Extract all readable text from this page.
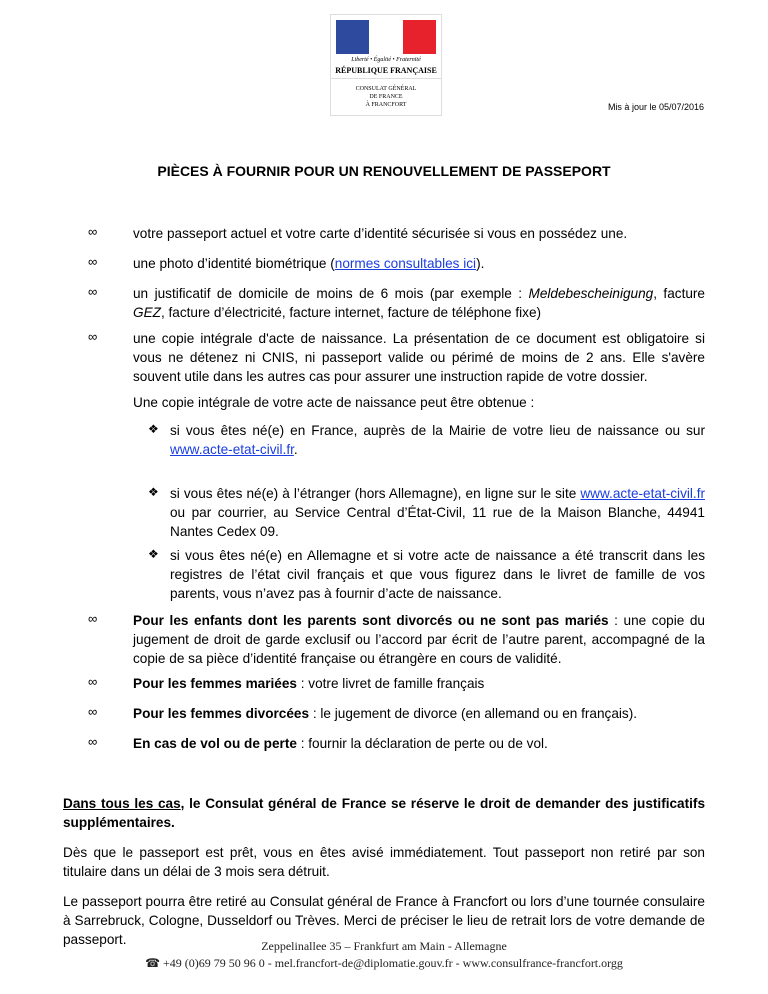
Liberté • Égalité • Fraternité
RÉPUBLIQUE FRANÇAISE
CONSULAT GÉNÉRAL
DE FRANCE
À FRANCFORT	Mis à jour le 05/07/2016
PIÈCES À FOURNIR POUR UN RENOUVELLEMENT DE PASSEPORT
∞	votre passeport actuel et votre carte d’identité sécurisée si vous en possédez une.
∞	une photo d’identité biométrique (normes consultables ici).
∞	un justificatif de domicile de moins de 6 mois (par exemple : Meldebescheinigung, facture GEZ, facture d’électricité, facture internet, facture de téléphone fixe)
∞	une copie intégrale d'acte de naissance. La présentation de ce document est obligatoire si vous ne détenez ni CNIS, ni passeport valide ou périmé de moins de 2 ans. Elle s'avère souvent utile dans les autres cas pour assurer une instruction rapide de votre dossier.
Une copie intégrale de votre acte de naissance peut être obtenue :
❖ si vous êtes né(e) en France, auprès de la Mairie de votre lieu de naissance ou sur www.acte-etat-civil.fr.
❖ si vous êtes né(e) à l’étranger (hors Allemagne), en ligne sur le site www.acte-etat-civil.fr ou par courrier, au Service Central d’État-Civil, 11 rue de la Maison Blanche, 44941 Nantes Cedex 09.
❖ si vous êtes né(e) en Allemagne et si votre acte de naissance a été transcrit dans les registres de l’état civil français et que vous figurez dans le livret de famille de vos parents, vous n’avez pas à fournir d’acte de naissance.
∞	Pour les enfants dont les parents sont divorcés ou ne sont pas mariés : une copie du jugement de droit de garde exclusif ou l’accord par écrit de l’autre parent, accompagné de la copie de sa pièce d’identité française ou étrangère en cours de validité.
∞	Pour les femmes mariées : votre livret de famille français
∞	Pour les femmes divorcées : le jugement de divorce (en allemand ou en français).
∞	En cas de vol ou de perte : fournir la déclaration de perte ou de vol.
Dans tous les cas, le Consulat général de France se réserve le droit de demander des justificatifs supplémentaires.
Dès que le passeport est prêt, vous en êtes avisé immédiatement. Tout passeport non retiré par son titulaire dans un délai de 3 mois sera détruit.
Le passeport pourra être retiré au Consulat général de France à Francfort ou lors d’une tournée consulaire à Sarrebruck, Cologne, Dusseldorf ou Trèves. Merci de préciser le lieu de retrait lors de votre demande de passeport.	Zeppelinallee 35 – Frankfurt am Main - Allemagne
☎ +49 (0)69 79 50 96 0 - mel.francfort-de@diplomatie.gouv.fr - www.consulfrance-francfort.orgg
